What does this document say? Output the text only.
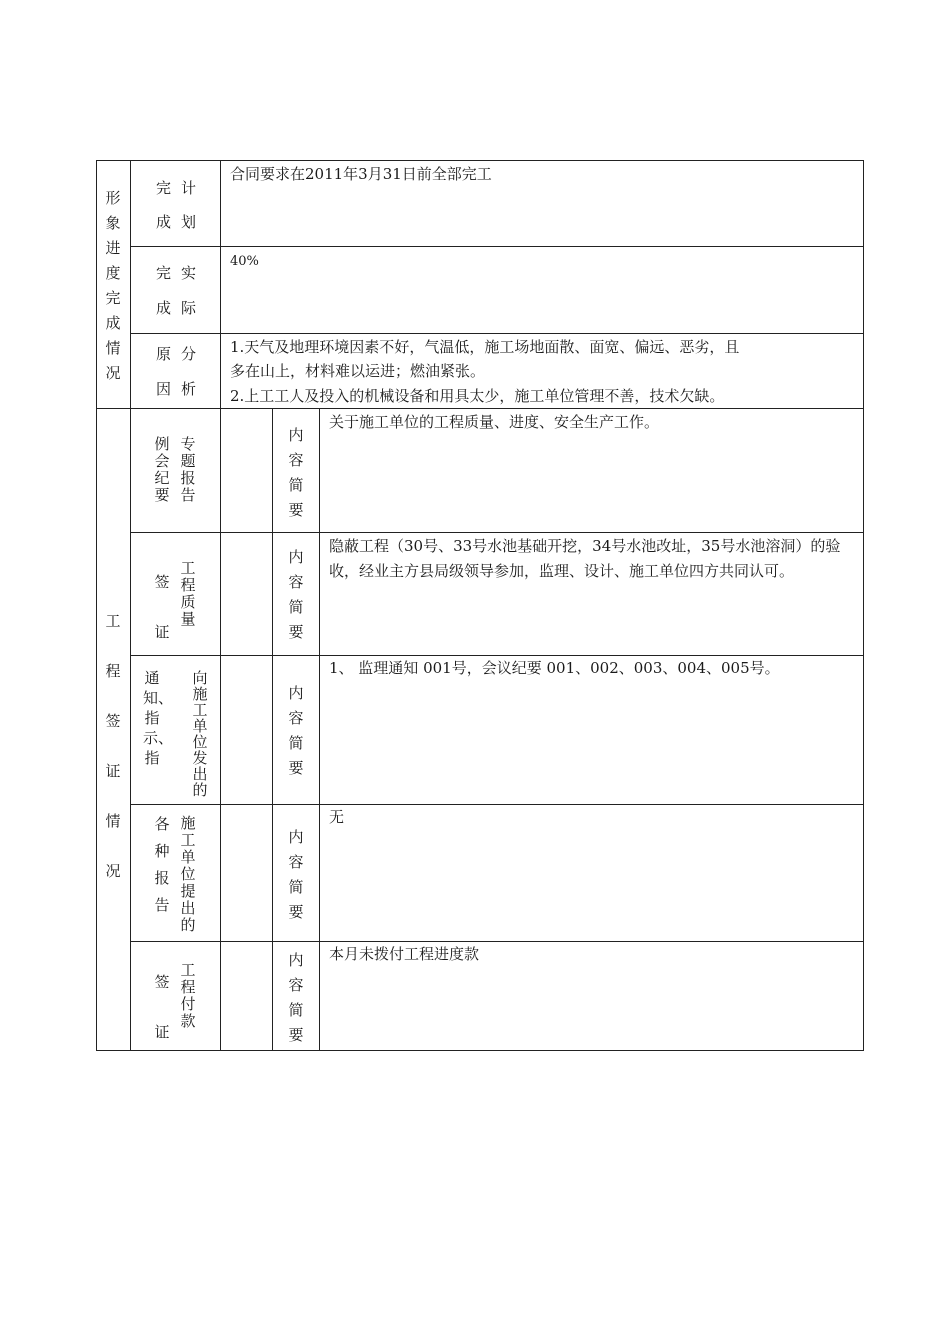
形象进度完成情况
完 计
成 划
合同要求在2011年3月31日前全部完工
完 实
成 际
40%
原 分
因 析
1.天气及地理环境因素不好，气温低，施工场地面散、面宽、偏远、恶劣，且
多在山上，材料难以运进；燃油紧张。
2.上工工人及投入的机械设备和用具太少，施工单位管理不善，技术欠缺。
工程签证情况
内容简要
内容简要
内容简要
内容简要
内容简要
例会纪要
专题报告
关于施工单位的工程质量、进度、安全生产工作。
签证
工程质量
隐蔽工程（30号、33号水池基础开挖，34号水池改址，35号水池溶洞）的验收，经业主方县局级领导参加，监理、设计、施工单位四方共同认可。
通知、指示、指
向施工单位发出的
1、 监理通知 001号，会议纪要 001、002、003、004、005号。
各种报告
施工单位提出的
无
签证
工程付款
本月未拨付工程进度款
